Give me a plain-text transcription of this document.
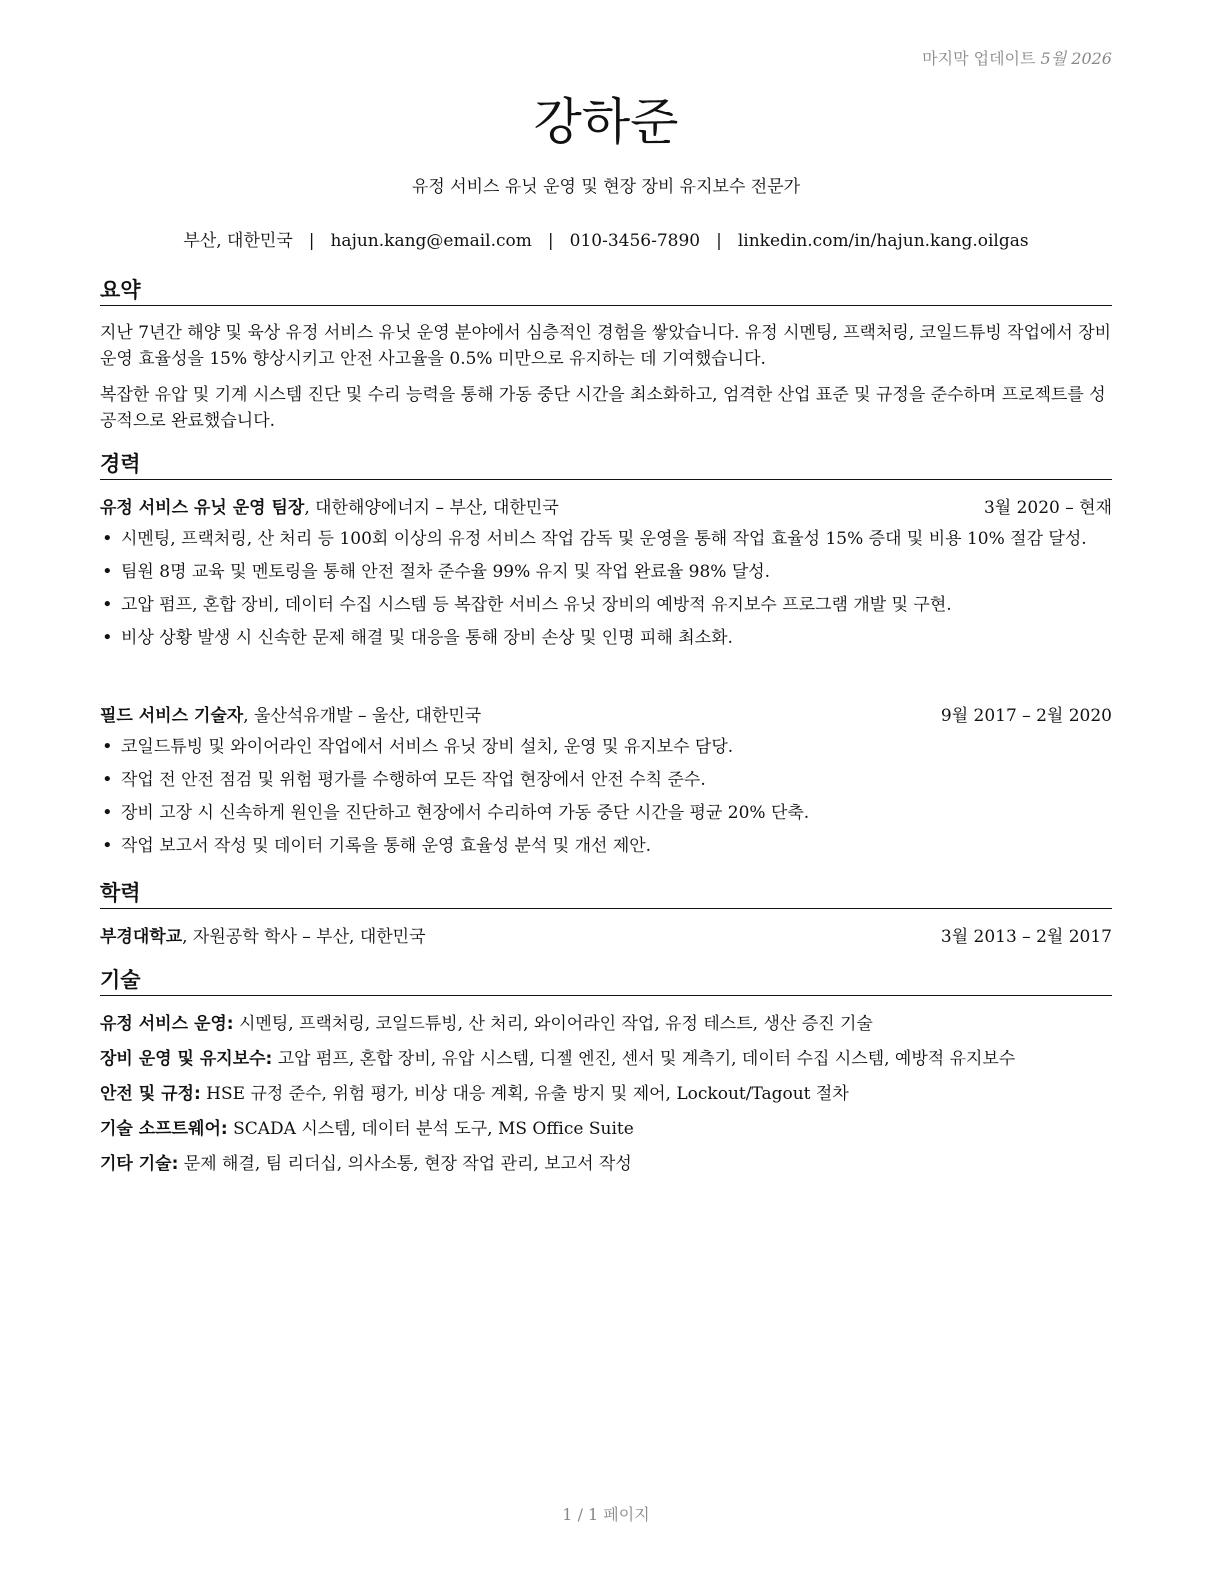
마지막 업데이트 5월 2026
강하준
유정 서비스 유닛 운영 및 현장 장비 유지보수 전문가
부산, 대한민국 | hajun.kang@email.com | 010-3456-7890 | linkedin.com/in/hajun.kang.oilgas
요약
지난 7년간 해양 및 육상 유정 서비스 유닛 운영 분야에서 심층적인 경험을 쌓았습니다. 유정 시멘팅, 프랙처링, 코일드튜빙 작업에서 장비 운영 효율성을 15% 향상시키고 안전 사고율을 0.5% 미만으로 유지하는 데 기여했습니다.
복잡한 유압 및 기계 시스템 진단 및 수리 능력을 통해 가동 중단 시간을 최소화하고, 엄격한 산업 표준 및 규정을 준수하며 프로젝트를 성공적으로 완료했습니다.
경력
유정 서비스 유닛 운영 팀장, 대한해양에너지 – 부산, 대한민국	3월 2020 – 현재
• 시멘팅, 프랙처링, 산 처리 등 100회 이상의 유정 서비스 작업 감독 및 운영을 통해 작업 효율성 15% 증대 및 비용 10% 절감 달성.
• 팀원 8명 교육 및 멘토링을 통해 안전 절차 준수율 99% 유지 및 작업 완료율 98% 달성.
• 고압 펌프, 혼합 장비, 데이터 수집 시스템 등 복잡한 서비스 유닛 장비의 예방적 유지보수 프로그램 개발 및 구현.
• 비상 상황 발생 시 신속한 문제 해결 및 대응을 통해 장비 손상 및 인명 피해 최소화.
필드 서비스 기술자, 울산석유개발 – 울산, 대한민국	9월 2017 – 2월 2020
• 코일드튜빙 및 와이어라인 작업에서 서비스 유닛 장비 설치, 운영 및 유지보수 담당.
• 작업 전 안전 점검 및 위험 평가를 수행하여 모든 작업 현장에서 안전 수칙 준수.
• 장비 고장 시 신속하게 원인을 진단하고 현장에서 수리하여 가동 중단 시간을 평균 20% 단축.
• 작업 보고서 작성 및 데이터 기록을 통해 운영 효율성 분석 및 개선 제안.
학력
부경대학교, 자원공학 학사 – 부산, 대한민국	3월 2013 – 2월 2017
기술
유정 서비스 운영: 시멘팅, 프랙처링, 코일드튜빙, 산 처리, 와이어라인 작업, 유정 테스트, 생산 증진 기술
장비 운영 및 유지보수: 고압 펌프, 혼합 장비, 유압 시스템, 디젤 엔진, 센서 및 계측기, 데이터 수집 시스템, 예방적 유지보수
안전 및 규정: HSE 규정 준수, 위험 평가, 비상 대응 계획, 유출 방지 및 제어, Lockout/Tagout 절차
기술 소프트웨어: SCADA 시스템, 데이터 분석 도구, MS Office Suite
기타 기술: 문제 해결, 팀 리더십, 의사소통, 현장 작업 관리, 보고서 작성
1 / 1 페이지
